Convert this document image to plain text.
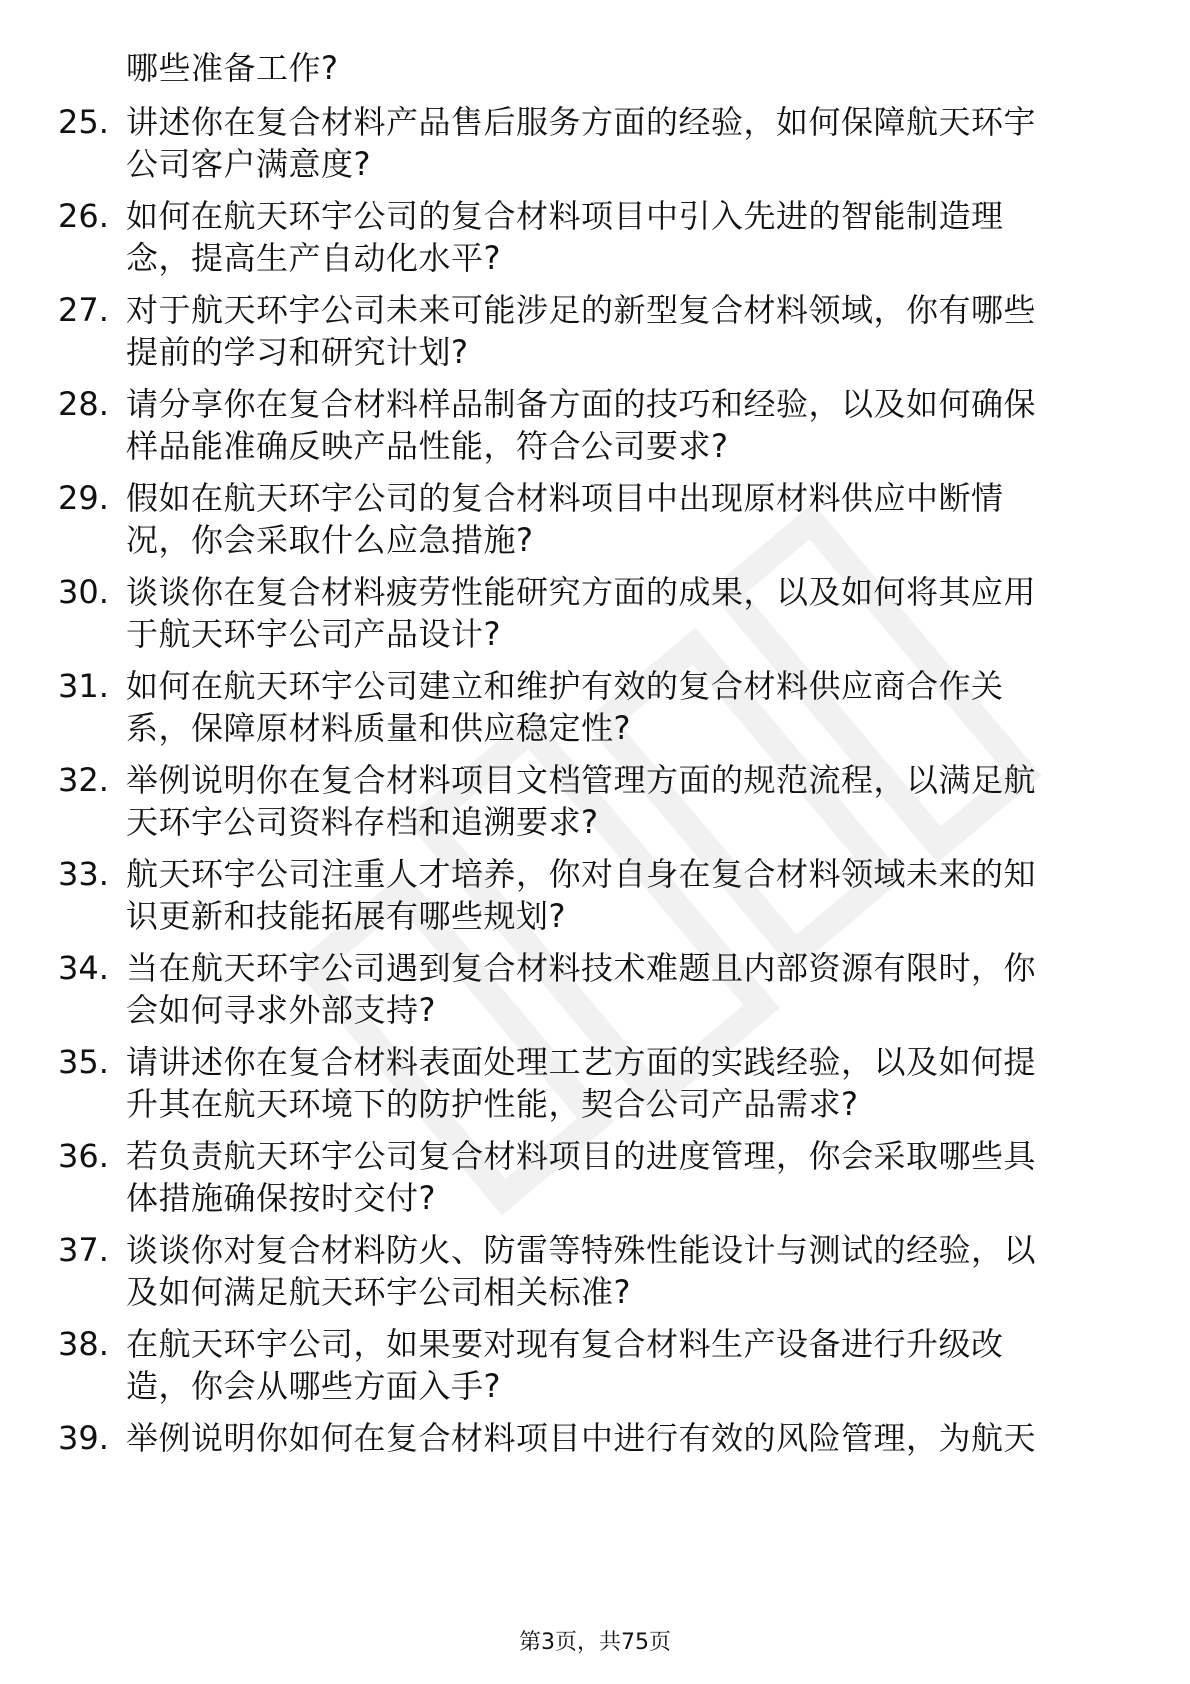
哪些准备工作?
25. 讲述你在复合材料产品售后服务方面的经验，如何保障航天环宇
公司客户满意度?
26. 如何在航天环宇公司的复合材料项目中引入先进的智能制造理
念，提高生产自动化水平?
27. 对于航天环宇公司未来可能涉足的新型复合材料领域，你有哪些
提前的学习和研究计划?
28. 请分享你在复合材料样品制备方面的技巧和经验，以及如何确保
样品能准确反映产品性能，符合公司要求?
29. 假如在航天环宇公司的复合材料项目中出现原材料供应中断情
况，你会采取什么应急措施?
30. 谈谈你在复合材料疲劳性能研究方面的成果，以及如何将其应用
于航天环宇公司产品设计?
31. 如何在航天环宇公司建立和维护有效的复合材料供应商合作关
系，保障原材料质量和供应稳定性?
32. 举例说明你在复合材料项目文档管理方面的规范流程，以满足航
天环宇公司资料存档和追溯要求?
33. 航天环宇公司注重人才培养，你对自身在复合材料领域未来的知
识更新和技能拓展有哪些规划?
34. 当在航天环宇公司遇到复合材料技术难题且内部资源有限时，你
会如何寻求外部支持?
35. 请讲述你在复合材料表面处理工艺方面的实践经验，以及如何提
升其在航天环境下的防护性能，契合公司产品需求?
36. 若负责航天环宇公司复合材料项目的进度管理，你会采取哪些具
体措施确保按时交付?
37. 谈谈你对复合材料防火、防雷等特殊性能设计与测试的经验，以
及如何满足航天环宇公司相关标准?
38. 在航天环宇公司，如果要对现有复合材料生产设备进行升级改
造，你会从哪些方面入手?
39. 举例说明你如何在复合材料项目中进行有效的风险管理，为航天
第3页，共75页
